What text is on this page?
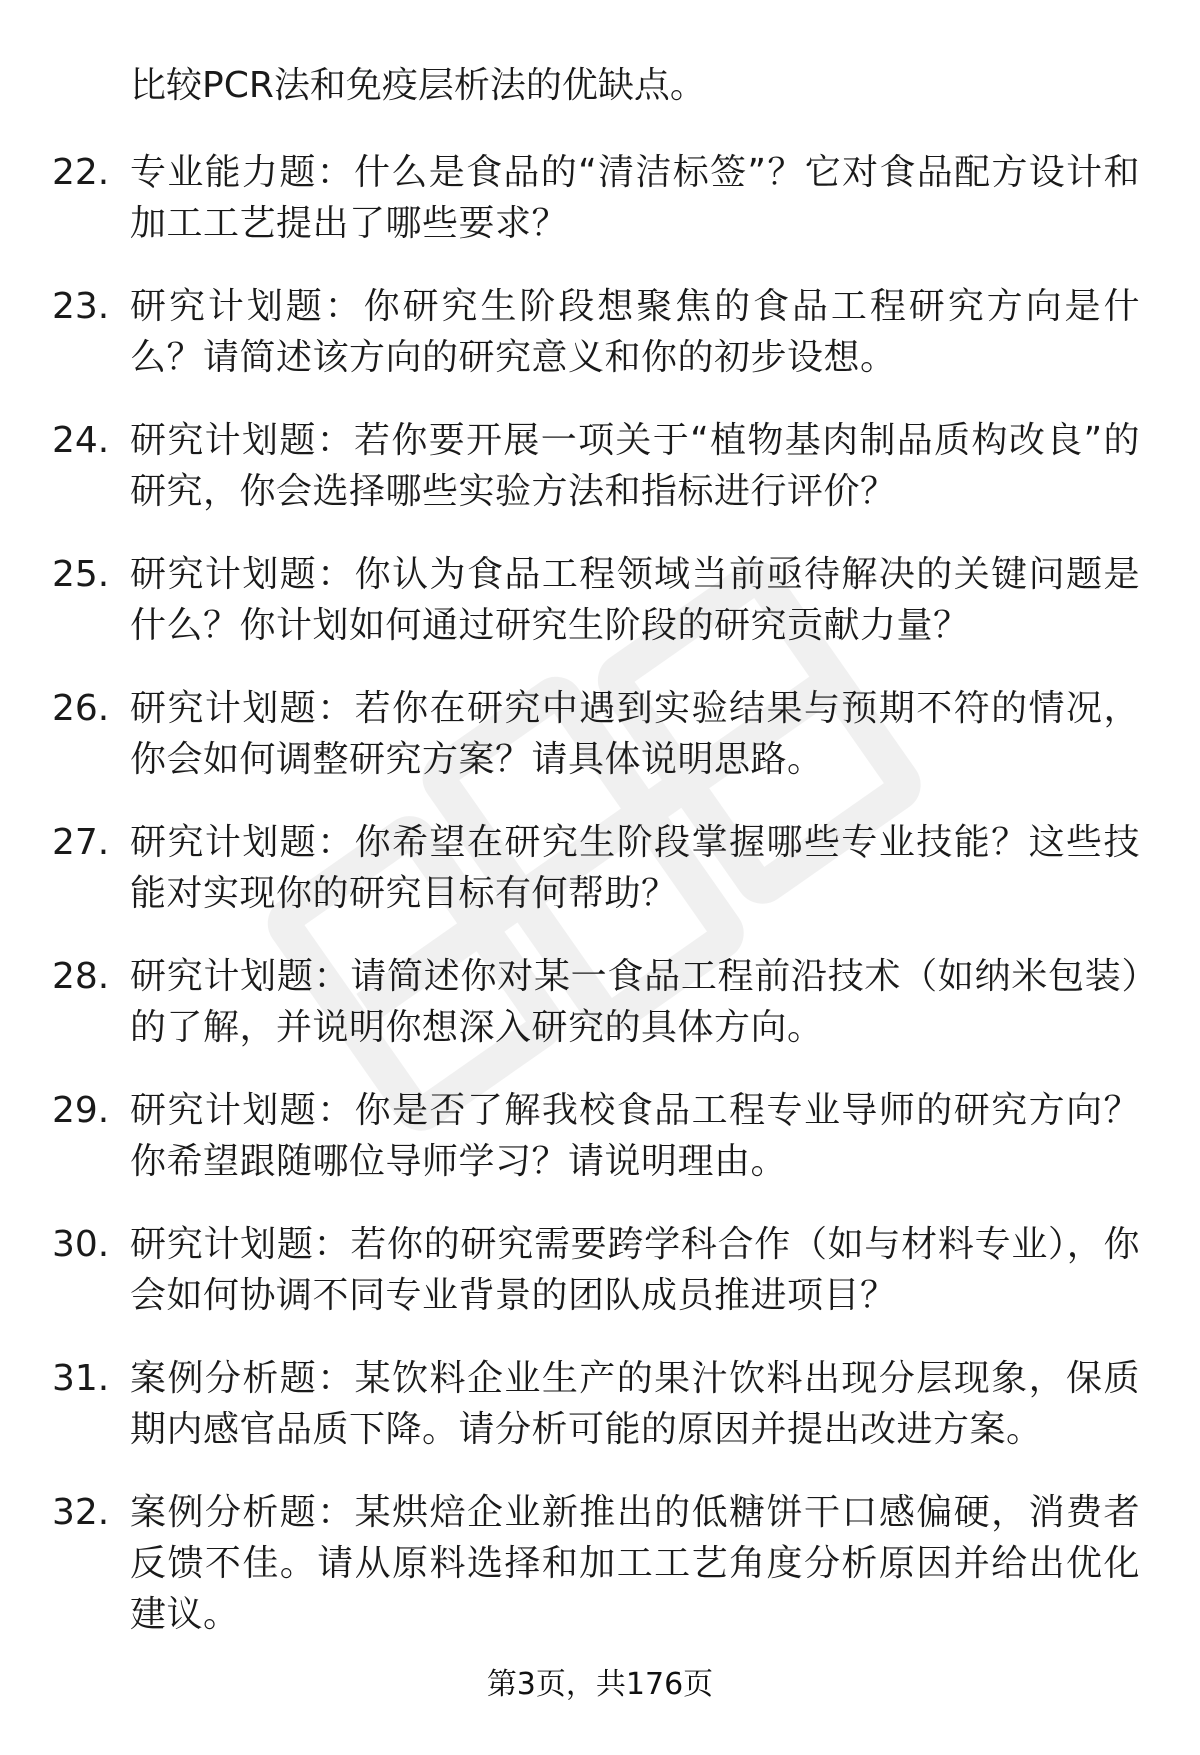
比较PCR法和免疫层析法的优缺点。

22. 专业能力题：什么是食品的“清洁标签”？它对食品配方设计和加工工艺提出了哪些要求？
23. 研究计划题：你研究生阶段想聚焦的食品工程研究方向是什么？请简述该方向的研究意义和你的初步设想。
24. 研究计划题：若你要开展一项关于“植物基肉制品质构改良”的研究，你会选择哪些实验方法和指标进行评价？
25. 研究计划题：你认为食品工程领域当前亟待解决的关键问题是什么？你计划如何通过研究生阶段的研究贡献力量？
26. 研究计划题：若你在研究中遇到实验结果与预期不符的情况，你会如何调整研究方案？请具体说明思路。
27. 研究计划题：你希望在研究生阶段掌握哪些专业技能？这些技能对实现你的研究目标有何帮助？
28. 研究计划题：请简述你对某一食品工程前沿技术（如纳米包装）的了解，并说明你想深入研究的具体方向。
29. 研究计划题：你是否了解我校食品工程专业导师的研究方向？你希望跟随哪位导师学习？请说明理由。
30. 研究计划题：若你的研究需要跨学科合作（如与材料专业），你会如何协调不同专业背景的团队成员推进项目？
31. 案例分析题：某饮料企业生产的果汁饮料出现分层现象，保质期内感官品质下降。请分析可能的原因并提出改进方案。
32. 案例分析题：某烘焙企业新推出的低糖饼干口感偏硬，消费者反馈不佳。请从原料选择和加工工艺角度分析原因并给出优化建议。
第3页，共176页
